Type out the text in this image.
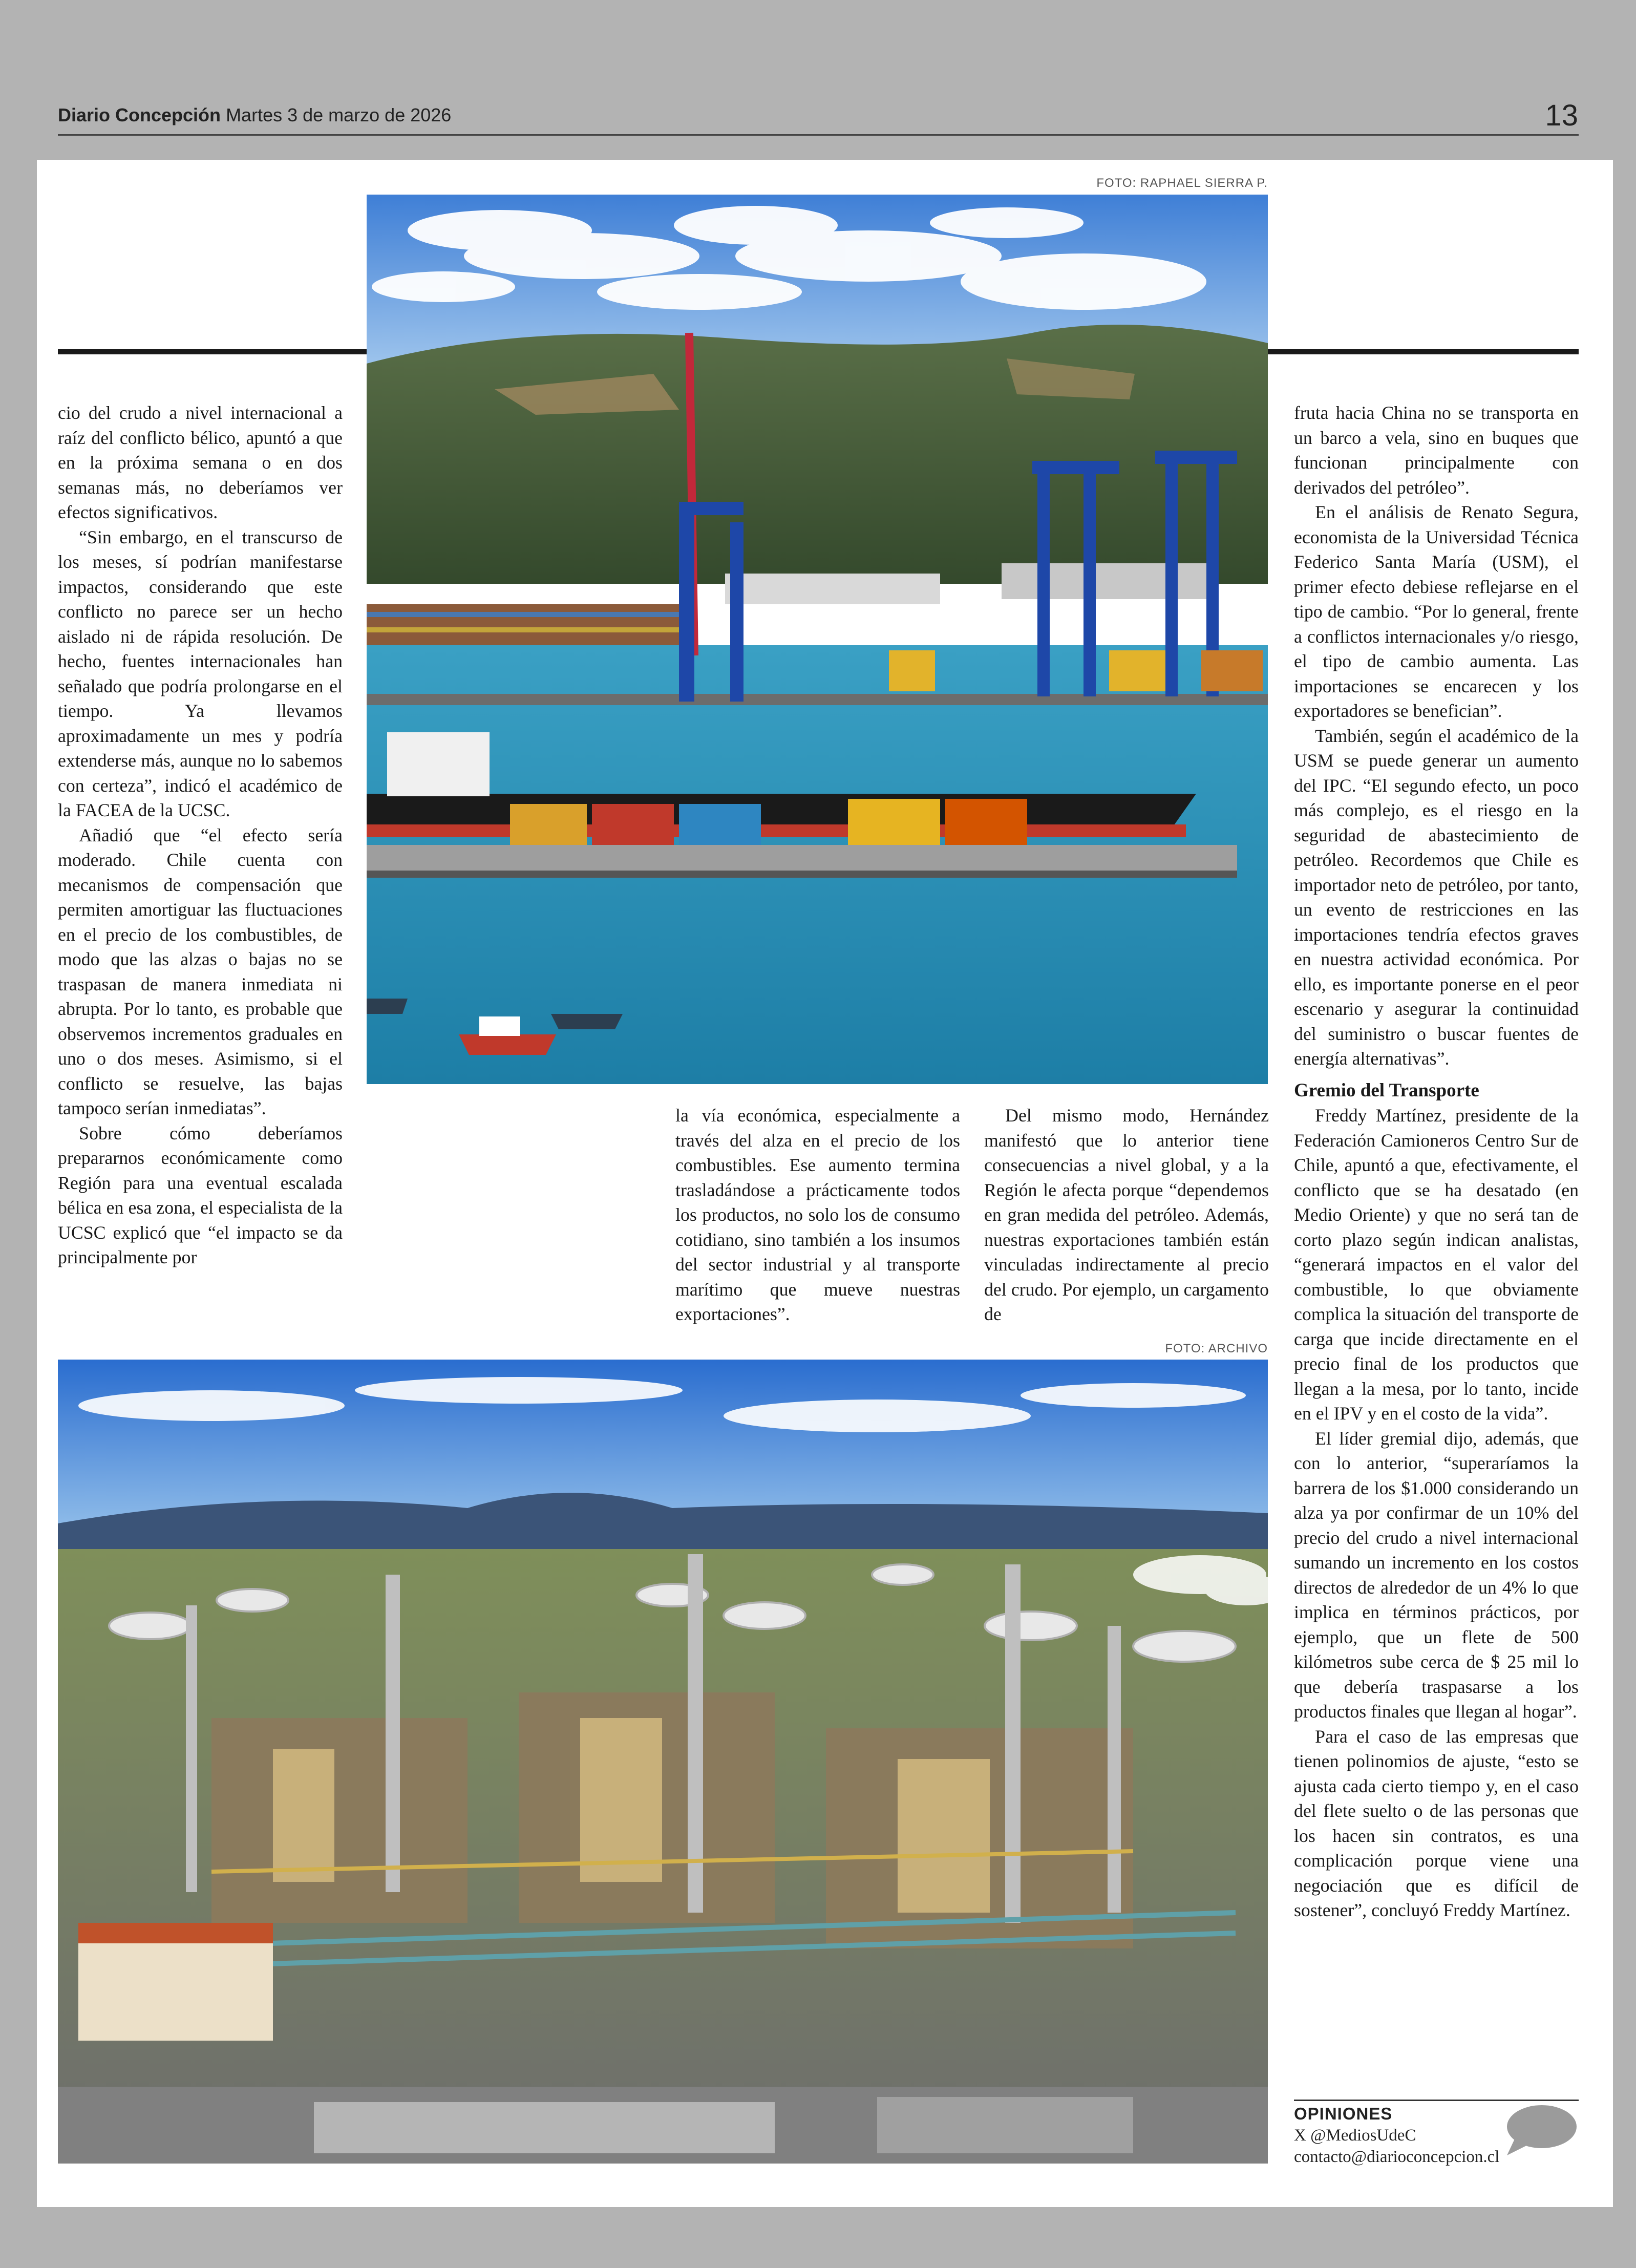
Diario Concepción Martes 3 de marzo de 2026	13
FOTO: RAPHAEL SIERRA P.

cio del crudo a nivel internacional a raíz del conflicto bélico, apuntó a que en la próxima semana o en dos semanas más, no deberíamos ver efectos significativos.

“Sin embargo, en el transcurso de los meses, sí podrían manifestarse impactos, considerando que este conflicto no parece ser un hecho aislado ni de rápida resolución. De hecho, fuentes internacionales han señalado que podría prolongarse en el tiempo. Ya llevamos aproximadamente un mes y podría extenderse más, aunque no lo sabemos con certeza”, indicó el académico de la FACEA de la UCSC.

Añadió que “el efecto sería moderado. Chile cuenta con mecanismos de compensación que permiten amortiguar las fluctuaciones en el precio de los combustibles, de modo que las alzas o bajas no se traspasan de manera inmediata ni abrupta. Por lo tanto, es probable que observemos incrementos graduales en uno o dos meses. Asimismo, si el conflicto se resuelve, las bajas tampoco serían inmediatas”.

Sobre cómo deberíamos prepararnos económicamente como Región para una eventual escalada bélica en esa zona, el especialista de la UCSC explicó que “el impacto se da principalmente por

la vía económica, especialmente a través del alza en el precio de los combustibles. Ese aumento termina trasladándose a prácticamente todos los productos, no solo los de consumo cotidiano, sino también a los insumos del sector industrial y al transporte marítimo que mueve nuestras exportaciones”.

Del mismo modo, Hernández manifestó que lo anterior tiene consecuencias a nivel global, y a la Región le afecta porque “dependemos en gran medida del petróleo. Además, nuestras exportaciones también están vinculadas indirectamente al precio del crudo. Por ejemplo, un cargamento de

fruta hacia China no se transporta en un barco a vela, sino en buques que funcionan principalmente con derivados del petróleo”.

En el análisis de Renato Segura, economista de la Universidad Técnica Federico Santa María (USM), el primer efecto debiese reflejarse en el tipo de cambio. “Por lo general, frente a conflictos internacionales y/o riesgo, el tipo de cambio aumenta. Las importaciones se encarecen y los exportadores se benefician”.

También, según el académico de la USM se puede generar un aumento del IPC. “El segundo efecto, un poco más complejo, es el riesgo en la seguridad de abastecimiento de petróleo. Recordemos que Chile es importador neto de petróleo, por tanto, un evento de restricciones en las importaciones tendría efectos graves en nuestra actividad económica. Por ello, es importante ponerse en el peor escenario y asegurar la continuidad del suministro o buscar fuentes de energía alternativas”.

Gremio del Transporte

Freddy Martínez, presidente de la Federación Camioneros Centro Sur de Chile, apuntó a que, efectivamente, el conflicto que se ha desatado (en Medio Oriente) y que no será tan de corto plazo según indican analistas, “generará impactos en el valor del combustible, lo que obviamente complica la situación del transporte de carga que incide directamente en el precio final de los productos que llegan a la mesa, por lo tanto, incide en el IPV y en el costo de la vida”.

El líder gremial dijo, además, que con lo anterior, “superaríamos la barrera de los $1.000 considerando un alza ya por confirmar de un 10% del precio del crudo a nivel internacional sumando un incremento en los costos directos de alrededor de un 4% lo que implica en términos prácticos, por ejemplo, que un flete de 500 kilómetros sube cerca de $ 25 mil lo que debería traspasarse a los productos finales que llegan al hogar”.

Para el caso de las empresas que tienen polinomios de ajuste, “esto se ajusta cada cierto tiempo y, en el caso del flete suelto o de las personas que los hacen sin contratos, es una complicación porque viene una negociación que es difícil de sostener”, concluyó Freddy Martínez.

FOTO: ARCHIVO
OPINIONES
X @MediosUdeC
contacto@diarioconcepcion.cl
